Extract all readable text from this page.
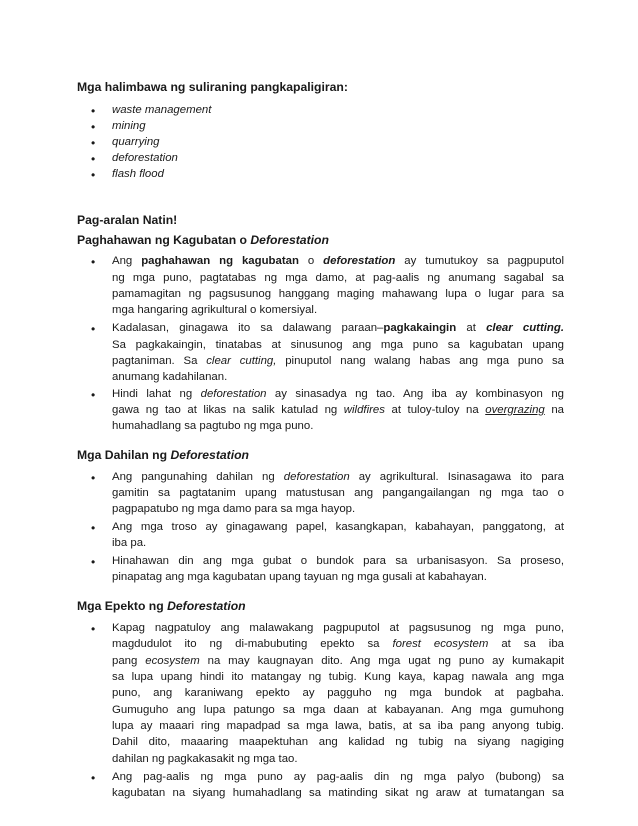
Mga halimbawa ng suliraning pangkapaligiran:
• waste management
• mining
• quarrying
• deforestation
• flash flood
Pag-aralan Natin!
Paghahawan ng Kagubatan o Deforestation
• Ang paghahawan ng kagubatan o deforestation ay tumutukoy sa pagpuputol
ng mga puno, pagtatabas ng mga damo, at pag-aalis ng anumang sagabal sa
pamamagitan ng pagsusunog hanggang maging mahawang lupa o lugar para sa
mga hangaring agrikultural o komersiyal.
• Kadalasan, ginagawa ito sa dalawang paraan–pagkakaingin at clear cutting.
Sa pagkakaingin, tinatabas at sinusunog ang mga puno sa kagubatan upang
pagtaniman. Sa clear cutting, pinuputol nang walang habas ang mga puno sa
anumang kadahilanan.
• Hindi lahat ng deforestation ay sinasadya ng tao. Ang iba ay kombinasyon ng
gawa ng tao at likas na salik katulad ng wildfires at tuloy-tuloy na overgrazing na
humahadlang sa pagtubo ng mga puno.
Mga Dahilan ng Deforestation
• Ang pangunahing dahilan ng deforestation ay agrikultural. Isinasagawa ito para
gamitin sa pagtatanim upang matustusan ang pangangailangan ng mga tao o
pagpapatubo ng mga damo para sa mga hayop.
• Ang mga troso ay ginagawang papel, kasangkapan, kabahayan, panggatong, at
iba pa.
• Hinahawan din ang mga gubat o bundok para sa urbanisasyon. Sa proseso,
pinapatag ang mga kagubatan upang tayuan ng mga gusali at kabahayan.
Mga Epekto ng Deforestation
• Kapag nagpatuloy ang malawakang pagpuputol at pagsusunog ng mga puno,
magdudulot ito ng di-mabubuting epekto sa forest ecosystem at sa iba
pang ecosystem na may kaugnayan dito. Ang mga ugat ng puno ay kumakapit
sa lupa upang hindi ito matangay ng tubig. Kung kaya, kapag nawala ang mga
puno, ang karaniwang epekto ay pagguho ng mga bundok at pagbaha.
Gumuguho ang lupa patungo sa mga daan at kabayanan. Ang mga gumuhong
lupa ay maaari ring mapadpad sa mga lawa, batis, at sa iba pang anyong tubig.
Dahil dito, maaaring maapektuhan ang kalidad ng tubig na siyang nagiging
dahilan ng pagkakasakit ng mga tao.
• Ang pag-aalis ng mga puno ay pag-aalis din ng mga palyo (bubong) sa
kagubatan na siyang humahadlang sa matinding sikat ng araw at tumatangan sa
